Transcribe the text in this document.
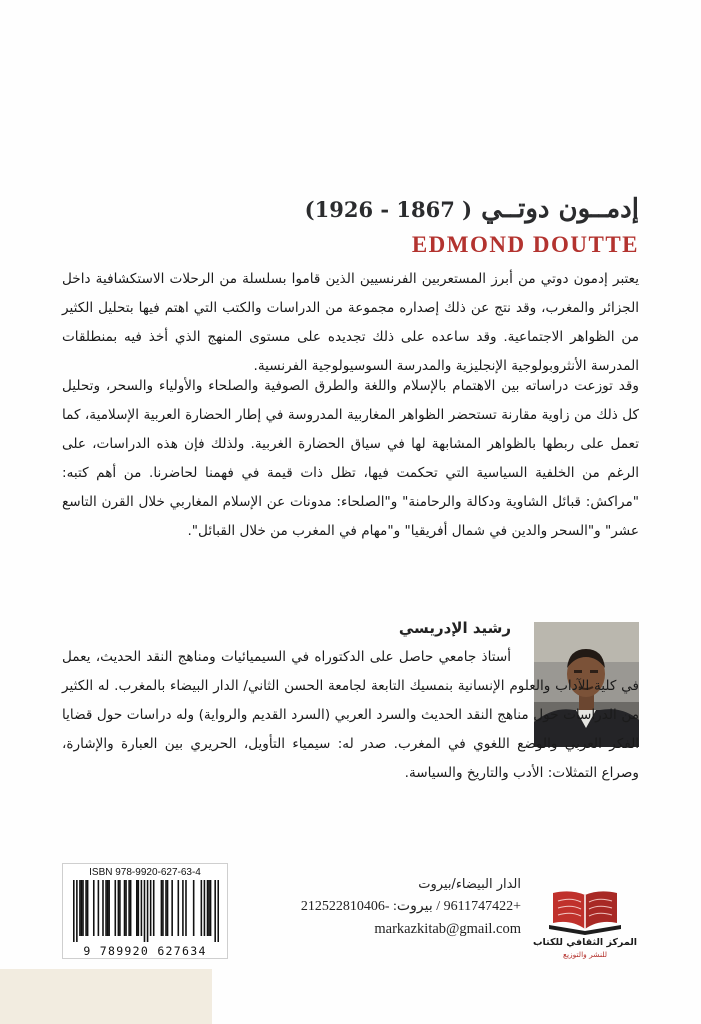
إدمــون دوتــي ( 1867 - 1926)
EDMOND DOUTTE

يعتبر إدمون دوتي من أبرز المستعربين الفرنسيين الذين قاموا بسلسلة من الرحلات الاستكشافية داخل الجزائر والمغرب، وقد نتج عن ذلك إصداره مجموعة من الدراسات والكتب التي اهتم فيها بتحليل الكثير من الظواهر الاجتماعية. وقد ساعده على ذلك تجديده على مستوى المنهج الذي أخذ فيه بمنطلقات المدرسة الأنثروبولوجية الإنجليزية والمدرسة السوسيولوجية الفرنسية.

وقد توزعت دراساته بين الاهتمام بالإسلام واللغة والطرق الصوفية والصلحاء والأولياء والسحر، وتحليل كل ذلك من زاوية مقارنة تستحضر الظواهر المغاربية المدروسة في إطار الحضارة العربية الإسلامية، كما تعمل على ربطها بالظواهر المشابهة لها في سياق الحضارة الغربية. ولذلك فإن هذه الدراسات، على الرغم من الخلفية السياسية التي تحكمت فيها، تظل ذات قيمة في فهمنا لحاضرنا. من أهم كتبه: "مراكش: قبائل الشاوية ودكالة والرحامنة" و"الصلحاء: مدونات عن الإسلام المغاربي خلال القرن التاسع عشر" و"السحر والدين في شمال أفريقيا" و"مهام في المغرب من خلال القبائل".

رشيد الإدريسي

أستاذ جامعي حاصل على الدكتوراه في السيميائيات ومناهج النقد الحديث، يعمل في كلية الآداب والعلوم الإنسانية بنمسيك التابعة لجامعة الحسن الثاني/ الدار البيضاء بالمغرب. له الكثير من الدراسات حول مناهج النقد الحديث والسرد العربي (السرد القديم والرواية) وله دراسات حول قضايا الفكر العربي والوضع اللغوي في المغرب. صدر له: سيمياء التأويل، الحريري بين العبارة والإشارة، وصراع التمثلات: الأدب والتاريخ والسياسة.

ISBN 978-9920-627-63-4
9 789920 627634
الدار البيضاء/بيروت
+9611747422 / بيروت: -212522810406
markazkitab@gmail.com
المركز الثقافي للكتاب
للنشر والتوزيع
